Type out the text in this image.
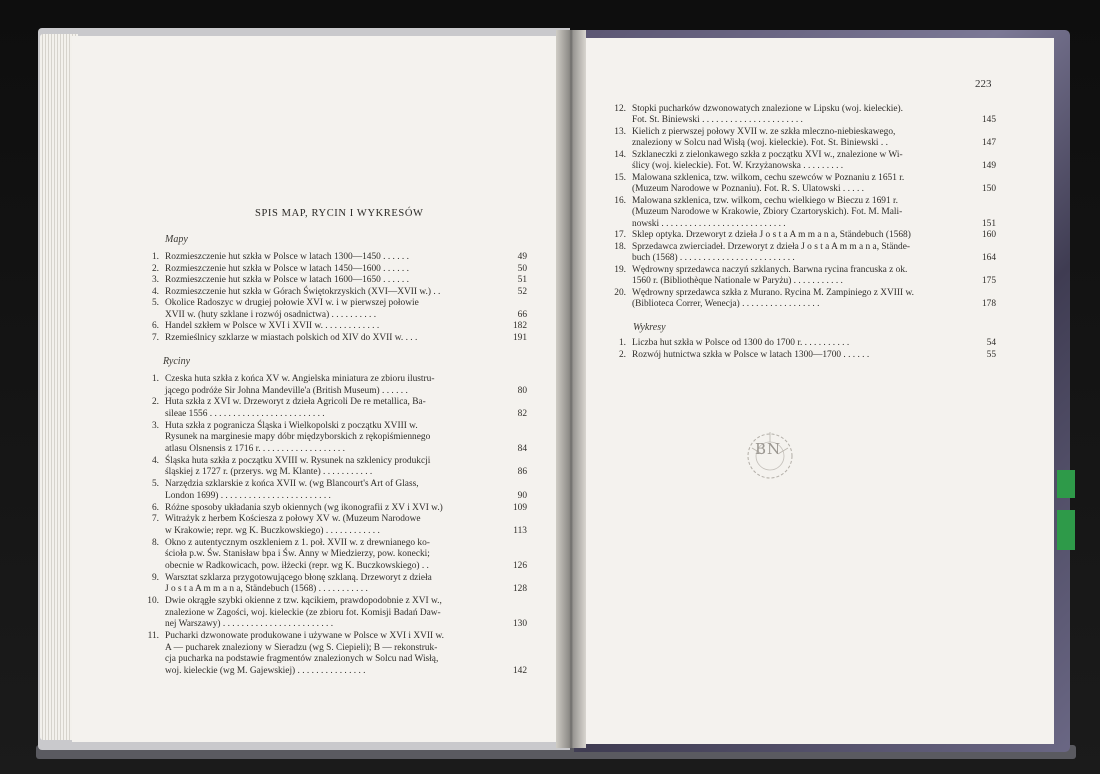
SPIS MAP, RYCIN I WYKRESÓW
Mapy
1. Rozmieszczenie hut szkła w Polsce w latach 1300—1450 . . . . . .	49
2. Rozmieszczenie hut szkła w Polsce w latach 1450—1600 . . . . . .	50
3. Rozmieszczenie hut szkła w Polsce w latach 1600—1650 . . . . . .	51
4. Rozmieszczenie hut szkła w Górach Świętokrzyskich (XVI—XVII w.) . .	52
5. Okolice Radoszyc w drugiej połowie XVI w. i w pierwszej połowie
XVII w. (huty szklane i rozwój osadnictwa) . . . . . . . . . .	66
6. Handel szkłem w Polsce w XVI i XVII w. . . . . . . . . . . . .	182
7. Rzemieślnicy szklarze w miastach polskich od XIV do XVII w. . . .	191
Ryciny
1. Czeska huta szkła z końca XV w. Angielska miniatura ze zbioru ilustru-
jącego podróże Sir Johna Mandeville'a (British Museum) . . . . . .	80
2. Huta szkła z XVI w. Drzeworyt z dzieła Agricoli De re metallica, Ba-
sileae 1556 . . . . . . . . . . . . . . . . . . . . . . . . .	82
3. Huta szkła z pogranicza Śląska i Wielkopolski z początku XVIII w.
Rysunek na marginesie mapy dóbr międzyborskich z rękopiśmiennego
atlasu Olsnensis z 1716 r. . . . . . . . . . . . . . . . . . .	84
4. Śląska huta szkła z początku XVIII w. Rysunek na szklenicy produkcji
śląskiej z 1727 r. (przerys. wg M. Klante) . . . . . . . . . . .	86
5. Narzędzia szklarskie z końca XVII w. (wg Blancourt's Art of Glass,
London 1699) . . . . . . . . . . . . . . . . . . . . . . . .	90
6. Różne sposoby układania szyb okiennych (wg ikonografii z XV i XVI w.)	109
7. Witrażyk z herbem Kościesza z połowy XV w. (Muzeum Narodowe
w Krakowie; repr. wg K. Buczkowskiego) . . . . . . . . . . . .	113
8. Okno z autentycznym oszkleniem z 1. poł. XVII w. z drewnianego ko-
ścioła p.w. Św. Stanisław bpa i Św. Anny w Miedzierzy, pow. konecki;
obecnie w Radkowicach, pow. iłżecki (repr. wg K. Buczkowskiego) . .	126
9. Warsztat szklarza przygotowującego błonę szklaną. Drzeworyt z dzieła
J o s t a A m m a n a, Ständebuch (1568) . . . . . . . . . . .	128
10. Dwie okrągłe szybki okienne z tzw. kącikiem, prawdopodobnie z XVI w.,
znalezione w Zagości, woj. kieleckie (ze zbioru fot. Komisji Badań Daw-
nej Warszawy) . . . . . . . . . . . . . . . . . . . . . . . .	130
11. Pucharki dzwonowate produkowane i używane w Polsce w XVI i XVII w.
A — pucharek znaleziony w Sieradzu (wg S. Ciepieli); B — rekonstruk-
cja pucharka na podstawie fragmentów znalezionych w Solcu nad Wisłą,
woj. kieleckie (wg M. Gajewskiej) . . . . . . . . . . . . . . .	142
223
12. Stopki pucharków dzwonowatych znalezione w Lipsku (woj. kieleckie).
Fot. St. Biniewski . . . . . . . . . . . . . . . . . . . . . .	145
13. Kielich z pierwszej połowy XVII w. ze szkła mleczno-niebieskawego,
znaleziony w Solcu nad Wisłą (woj. kieleckie). Fot. St. Biniewski . .	147
14. Szklaneczki z zielonkawego szkła z początku XVI w., znalezione w Wi-
ślicy (woj. kieleckie). Fot. W. Krzyżanowska . . . . . . . . .	149
15. Malowana szklenica, tzw. wilkom, cechu szewców w Poznaniu z 1651 r.
(Muzeum Narodowe w Poznaniu). Fot. R. S. Ulatowski . . . . .	150
16. Malowana szklenica, tzw. wilkom, cechu wielkiego w Bieczu z 1691 r.
(Muzeum Narodowe w Krakowie, Zbiory Czartoryskich). Fot. M. Mali-
nowski . . . . . . . . . . . . . . . . . . . . . . . . . . .	151
17. Sklep optyka. Drzeworyt z dzieła J o s t a A m m a n a, Ständebuch (1568)	160
18. Sprzedawca zwierciadeł. Drzeworyt z dzieła J o s t a A m m a n a, Stände-
buch (1568) . . . . . . . . . . . . . . . . . . . . . . . . .	164
19. Wędrowny sprzedawca naczyń szklanych. Barwna rycina francuska z ok.
1560 r. (Bibliothèque Nationale w Paryżu) . . . . . . . . . . .	175
20. Wędrowny sprzedawca szkła z Murano. Rycina M. Zampiniego z XVIII w.
(Biblioteca Correr, Wenecja) . . . . . . . . . . . . . . . . .	178
Wykresy
1. Liczba hut szkła w Polsce od 1300 do 1700 r. . . . . . . . . . .	54
2. Rozwój hutnictwa szkła w Polsce w latach 1300—1700 . . . . . .	55
BN
